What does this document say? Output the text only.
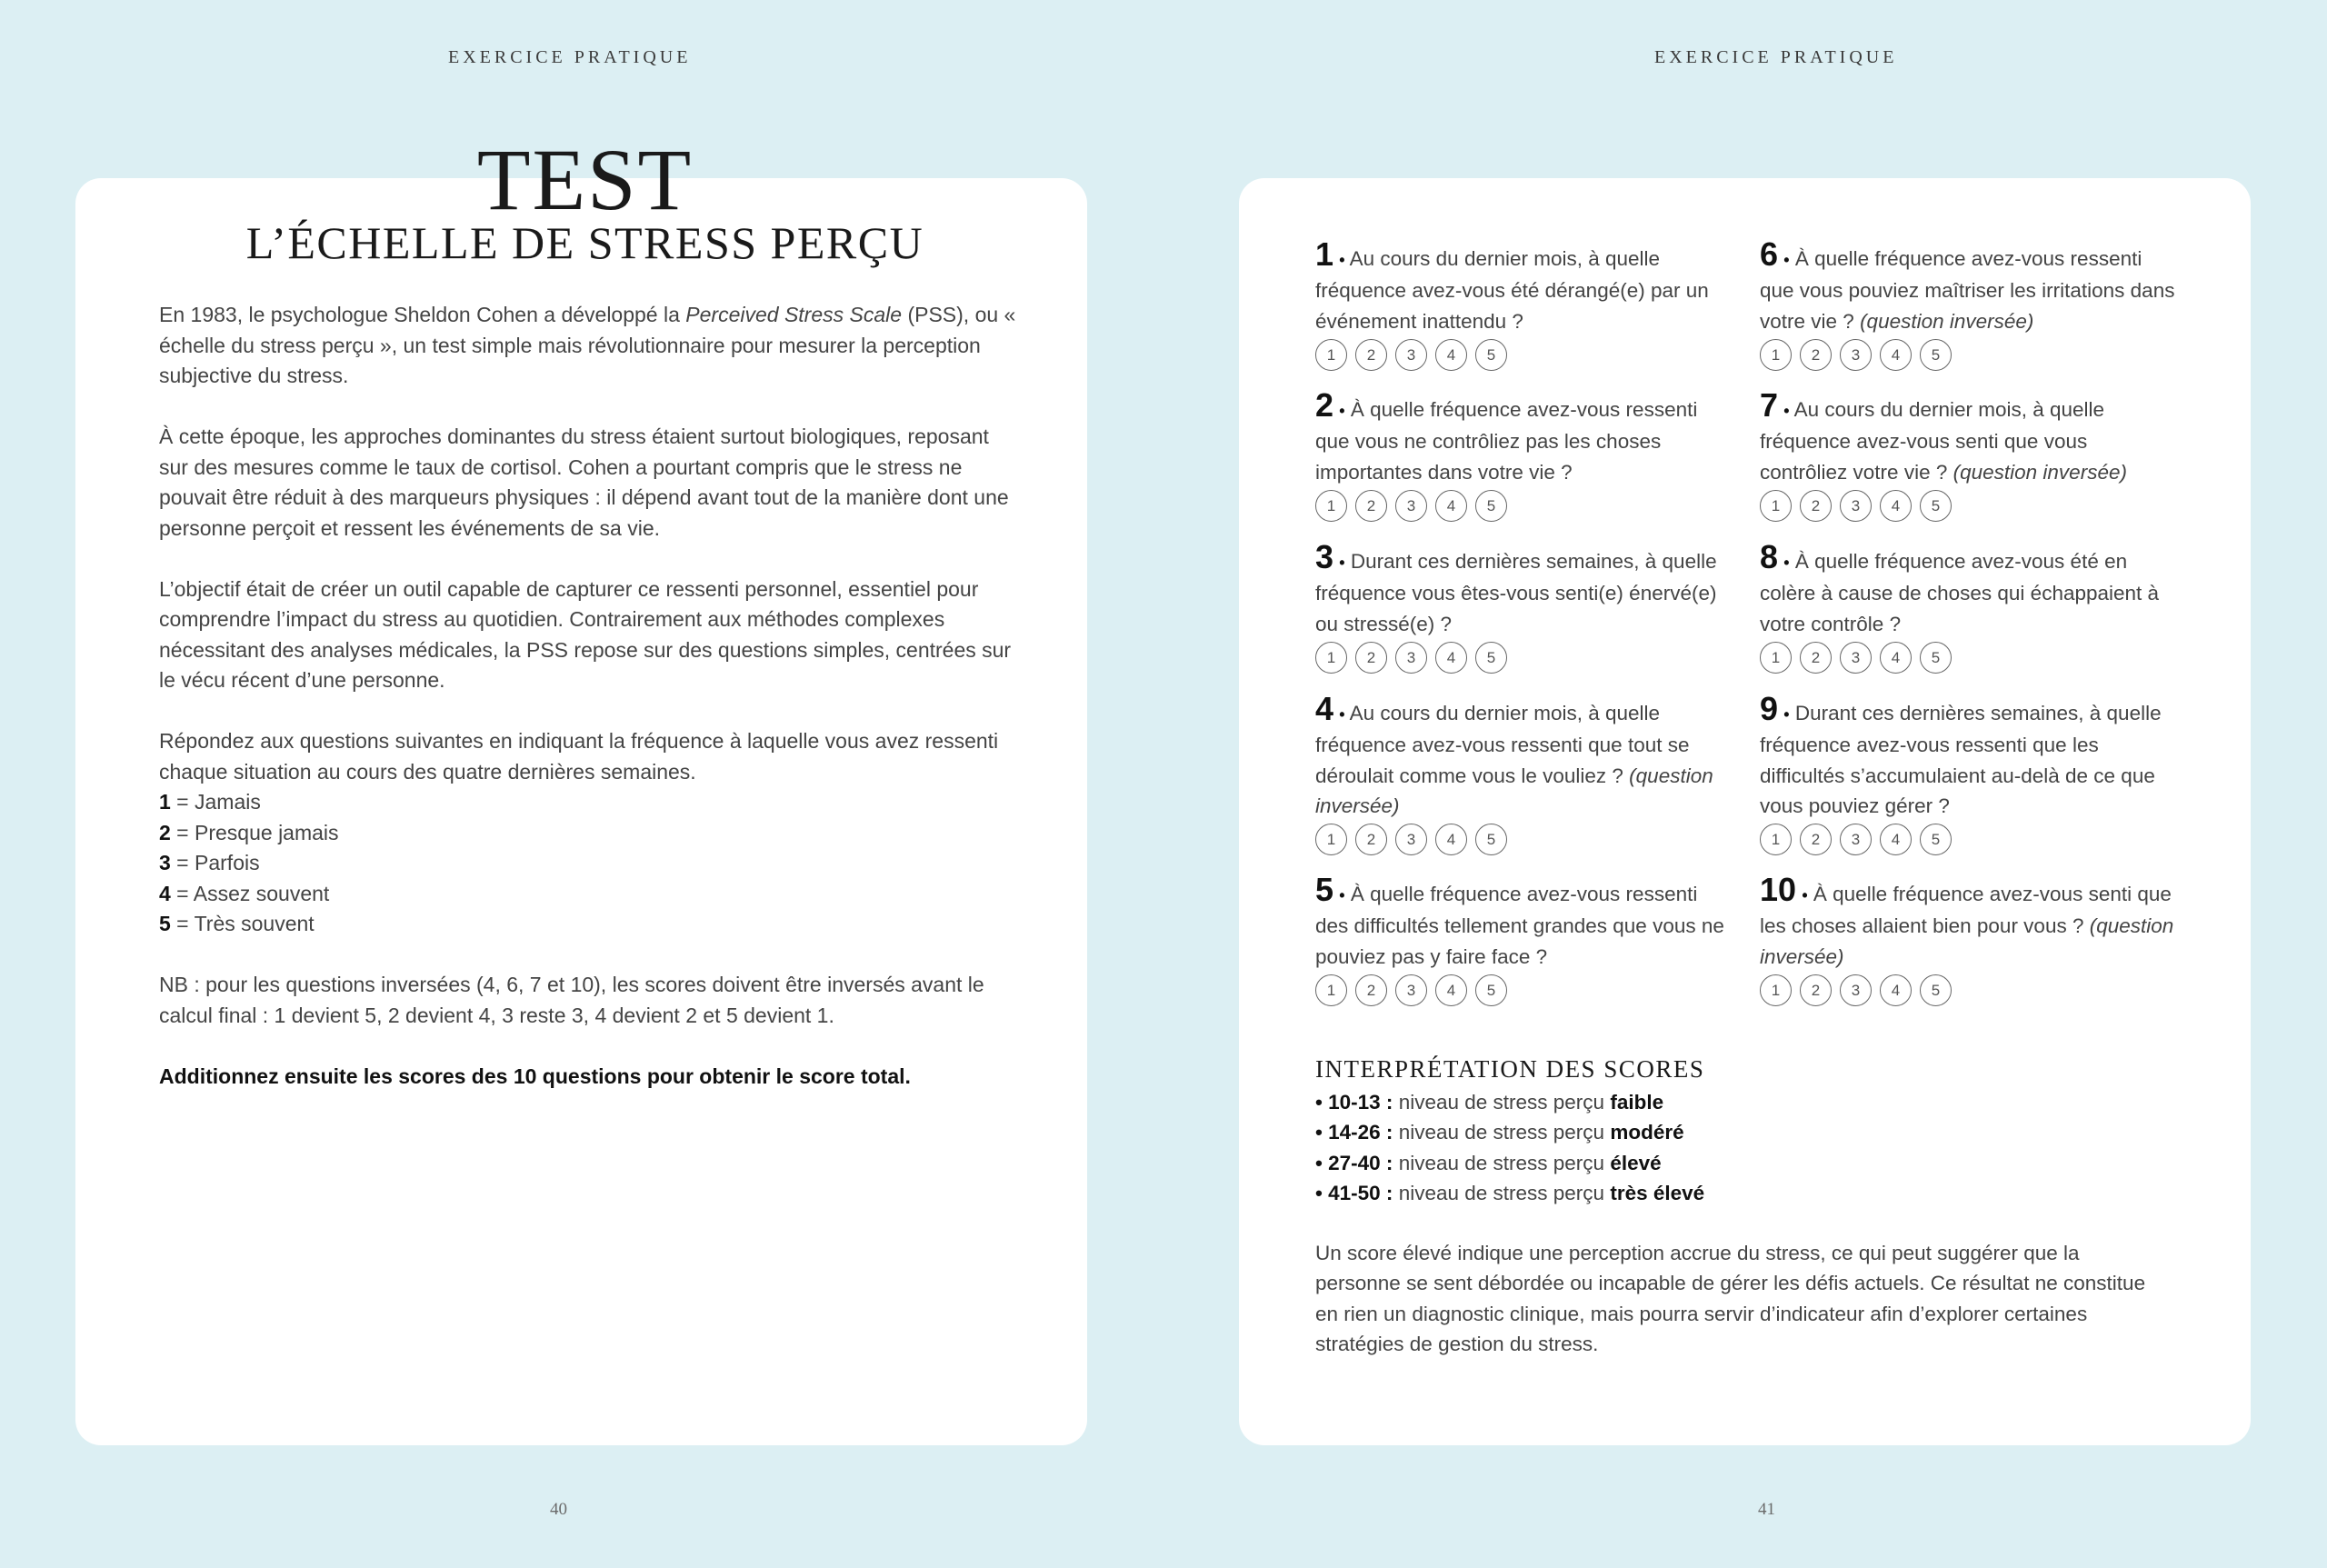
EXERCICE PRATIQUE	EXERCICE PRATIQUE
TEST
L’ÉCHELLE DE STRESS PERÇU

En 1983, le psychologue Sheldon Cohen a développé la Perceived Stress Scale (PSS), ou « échelle du stress perçu », un test simple mais révolutionnaire pour mesurer la perception subjective du stress.

À cette époque, les approches dominantes du stress étaient surtout biologiques, reposant sur des mesures comme le taux de cortisol. Cohen a pourtant compris que le stress ne pouvait être réduit à des marqueurs physiques : il dépend avant tout de la manière dont une personne perçoit et ressent les événements de sa vie.

L’objectif était de créer un outil capable de capturer ce ressenti personnel, essentiel pour comprendre l’impact du stress au quotidien. Contrairement aux méthodes complexes nécessitant des analyses médicales, la PSS repose sur des questions simples, centrées sur le vécu récent d’une personne.

Répondez aux questions suivantes en indiquant la fréquence à laquelle vous avez ressenti chaque situation au cours des quatre dernières semaines.

1 = Jamais
2 = Presque jamais
3 = Parfois
4 = Assez souvent
5 = Très souvent

NB : pour les questions inversées (4, 6, 7 et 10), les scores doivent être inversés avant le calcul final : 1 devient 5, 2 devient 4, 3 reste 3, 4 devient 2 et 5 devient 1.

Additionnez ensuite les scores des 10 questions pour obtenir le score total.

1 • Au cours du dernier mois, à quelle fréquence avez-vous été dérangé(e) par un événement inattendu ?
1	2	3	4	5
2 • À quelle fréquence avez-vous ressenti que vous ne contrôliez pas les choses importantes dans votre vie ?
1	2	3	4	5
3 • Durant ces dernières semaines, à quelle fréquence vous êtes-vous senti(e) énervé(e) ou stressé(e) ?
1	2	3	4	5
4 • Au cours du dernier mois, à quelle fréquence avez-vous ressenti que tout se déroulait comme vous le vouliez ? (question inversée)
1	2	3	4	5
5 • À quelle fréquence avez-vous ressenti des difficultés tellement grandes que vous ne pouviez pas y faire face ?
1	2	3	4	5
6 • À quelle fréquence avez-vous ressenti que vous pouviez maîtriser les irritations dans votre vie ? (question inversée)
1	2	3	4	5
7 • Au cours du dernier mois, à quelle fréquence avez-vous senti que vous contrôliez votre vie ? (question inversée)
1	2	3	4	5
8 • À quelle fréquence avez-vous été en colère à cause de choses qui échappaient à votre contrôle ?
1	2	3	4	5
9 • Durant ces dernières semaines, à quelle fréquence avez-vous ressenti que les difficultés s’accumulaient au-delà de ce que vous pouviez gérer ?
1	2	3	4	5
10 • À quelle fréquence avez-vous senti que les choses allaient bien pour vous ? (question inversée)
1	2	3	4	5
INTERPRÉTATION DES SCORES
• 10-13 : niveau de stress perçu faible
• 14-26 : niveau de stress perçu modéré
• 27-40 : niveau de stress perçu élevé
• 41-50 : niveau de stress perçu très élevé
Un score élevé indique une perception accrue du stress, ce qui peut suggérer que la personne se sent débordée ou incapable de gérer les défis actuels. Ce résultat ne constitue en rien un diagnostic clinique, mais pourra servir d’indicateur afin d’explorer certaines stratégies de gestion du stress.
40	41
